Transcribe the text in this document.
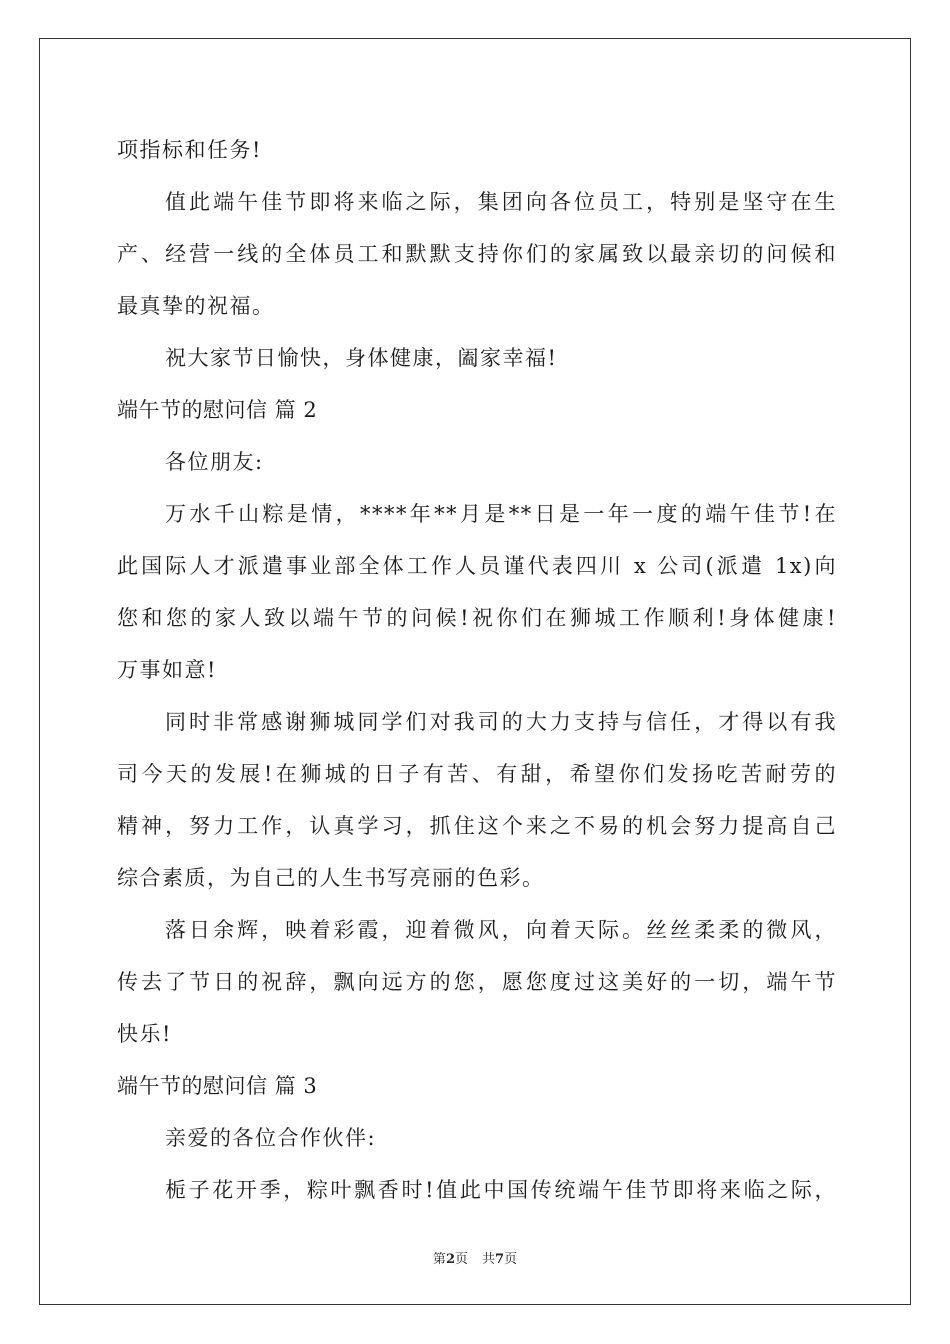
项指标和任务!
值此端午佳节即将来临之际，集团向各位员工，特别是坚守在生
产、经营一线的全体员工和默默支持你们的家属致以最亲切的问候和
最真挚的祝福。
祝大家节日愉快，身体健康，阖家幸福!
端午节的慰问信 篇 2
各位朋友:
万水千山粽是情，****年**月是**日是一年一度的端午佳节!在
此国际人才派遣事业部全体工作人员谨代表四川 x 公司(派遣 1x)向
您和您的家人致以端午节的问候!祝你们在狮城工作顺利!身体健康!
万事如意!
同时非常感谢狮城同学们对我司的大力支持与信任，才得以有我
司今天的发展!在狮城的日子有苦、有甜，希望你们发扬吃苦耐劳的
精神，努力工作，认真学习，抓住这个来之不易的机会努力提高自己
综合素质，为自己的人生书写亮丽的色彩。
落日余辉，映着彩霞，迎着微风，向着天际。丝丝柔柔的微风，
传去了节日的祝辞，飘向远方的您，愿您度过这美好的一切，端午节
快乐!
端午节的慰问信 篇 3
亲爱的各位合作伙伴:
栀子花开季，粽叶飘香时!值此中国传统端午佳节即将来临之际，
第2页 共7页
